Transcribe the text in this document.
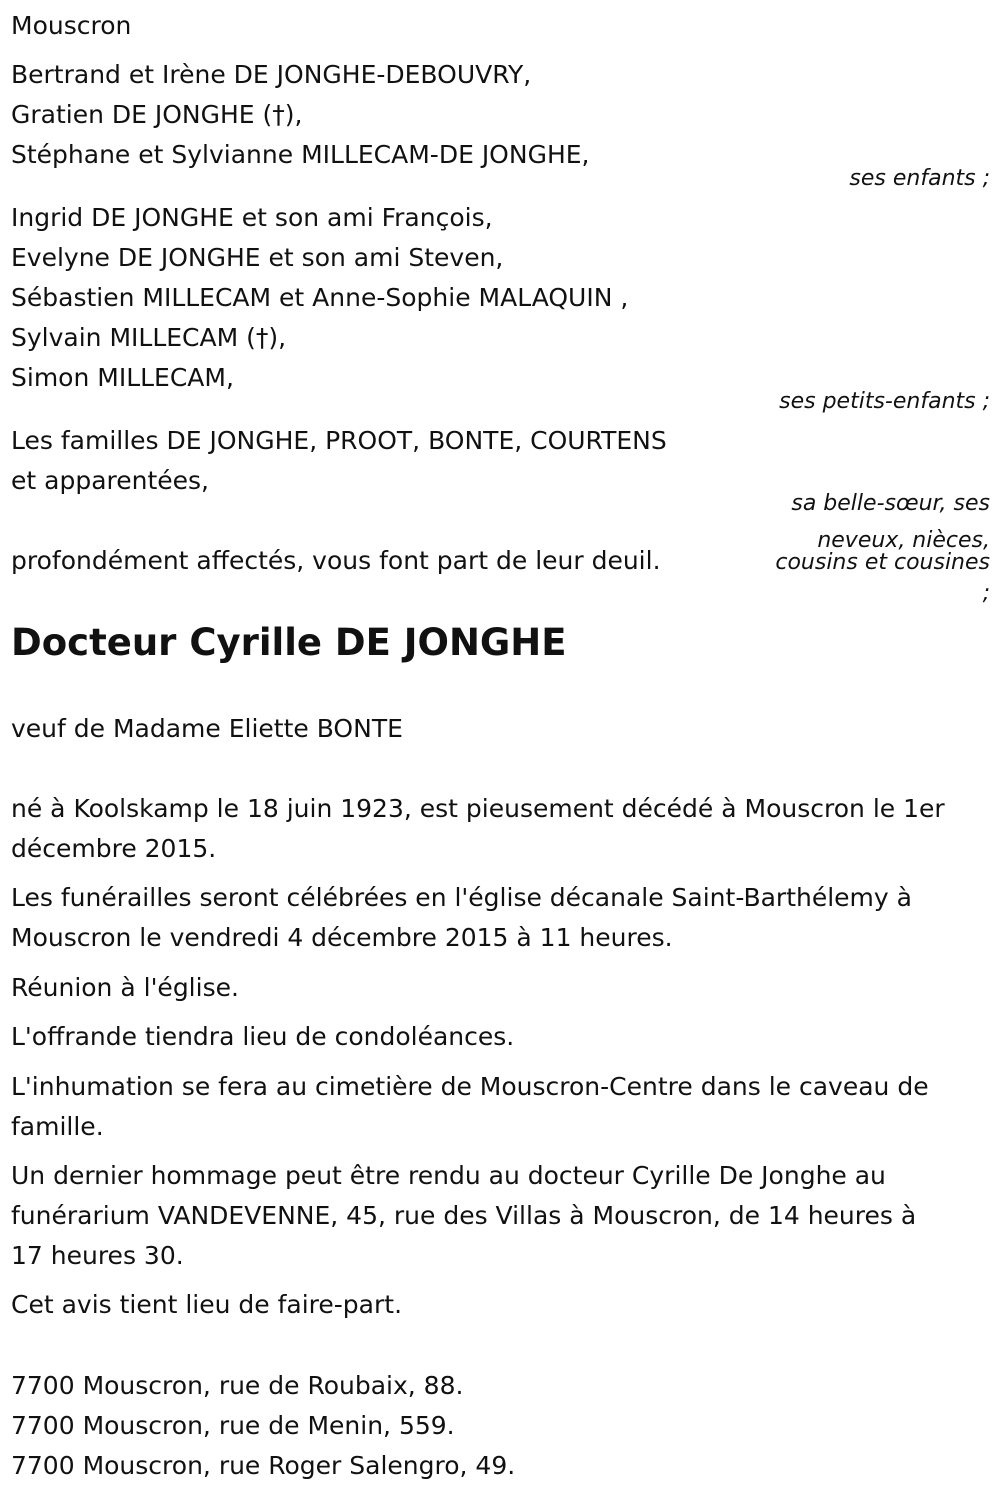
Mouscron
Bertrand et Irène DE JONGHE-DEBOUVRY,
Gratien DE JONGHE (†),
Stéphane et Sylvianne MILLECAM-DE JONGHE,
ses enfants ;
Ingrid DE JONGHE et son ami François,
Evelyne DE JONGHE et son ami Steven,
Sébastien MILLECAM et Anne-Sophie MALAQUIN ,
Sylvain MILLECAM (†),
Simon MILLECAM,
ses petits-enfants ;
Les familles DE JONGHE, PROOT, BONTE, COURTENS
et apparentées,
sa belle-sœur, ses
neveux, nièces,
cousins et cousines
;
profondément affectés, vous font part de leur deuil.
Docteur Cyrille DE JONGHE
veuf de Madame Eliette BONTE
né à Koolskamp le 18 juin 1923, est pieusement décédé à Mouscron le 1er
décembre 2015.
Les funérailles seront célébrées en l'église décanale Saint-Barthélemy à
Mouscron le vendredi 4 décembre 2015 à 11 heures.
Réunion à l'église.
L'offrande tiendra lieu de condoléances.
L'inhumation se fera au cimetière de Mouscron-Centre dans le caveau de
famille.
Un dernier hommage peut être rendu au docteur Cyrille De Jonghe au
funérarium VANDEVENNE, 45, rue des Villas à Mouscron, de 14 heures à
17 heures 30.
Cet avis tient lieu de faire-part.
7700 Mouscron, rue de Roubaix, 88.
7700 Mouscron, rue de Menin, 559.
7700 Mouscron, rue Roger Salengro, 49.
